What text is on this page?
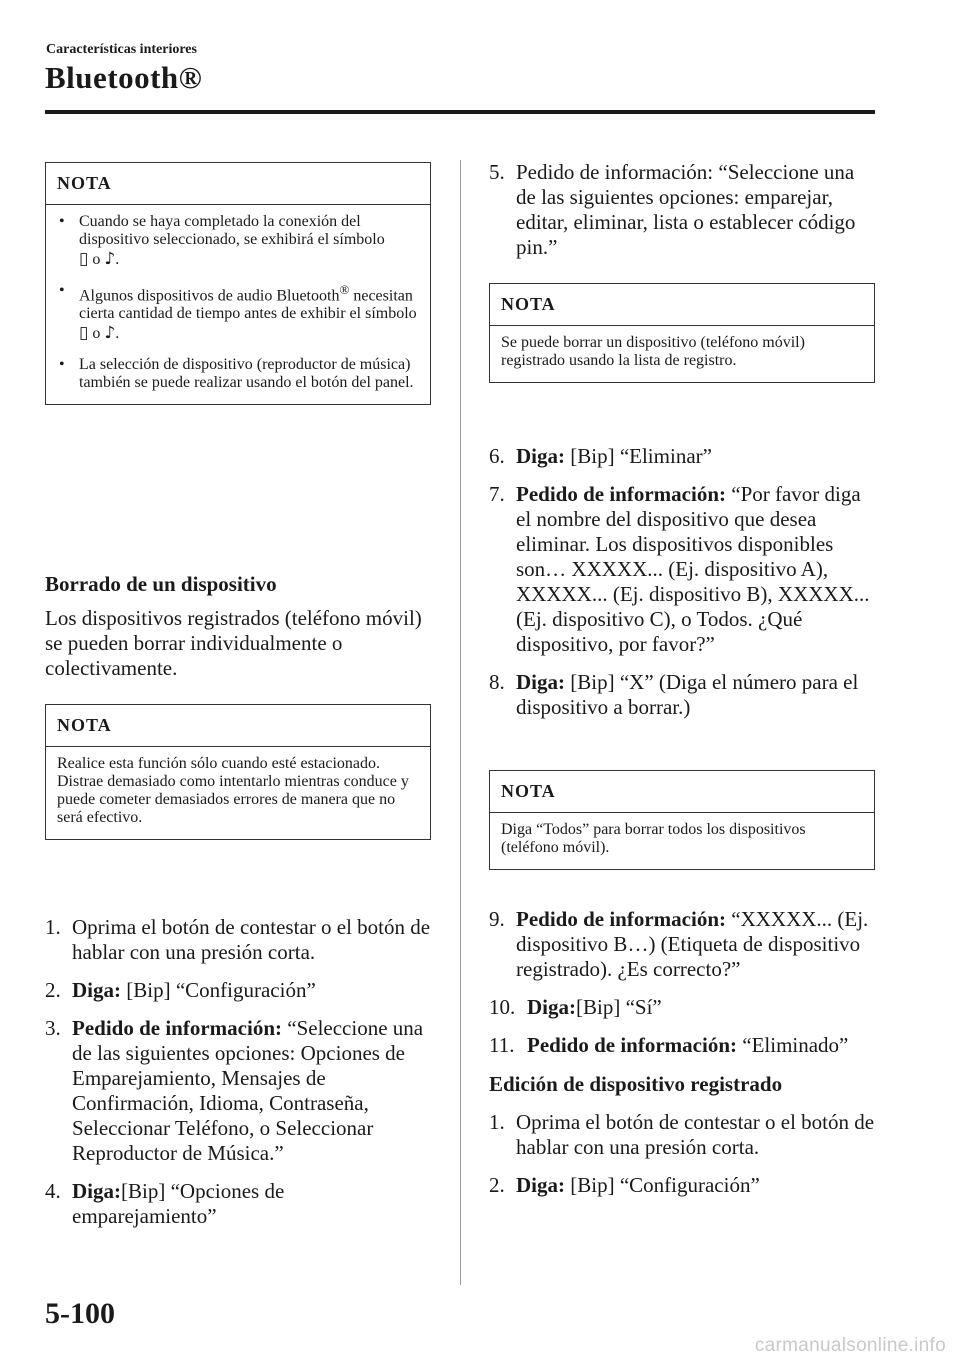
Características interiores
Bluetooth®
NOTA
• Cuando se haya completado la conexión del dispositivo seleccionado, se exhibirá el símbolo
▯ o ♪.
• Algunos dispositivos de audio Bluetooth® necesitan cierta cantidad de tiempo antes de exhibir el símbolo
▯ o ♪.
• La selección de dispositivo (reproductor de música) también se puede realizar usando el botón del panel.
Borrado de un dispositivo
Los dispositivos registrados (teléfono móvil) se pueden borrar individualmente o colectivamente.
NOTA
Realice esta función sólo cuando esté estacionado. Distrae demasiado como intentarlo mientras conduce y puede cometer demasiados errores de manera que no será efectivo.
1. Oprima el botón de contestar o el botón de hablar con una presión corta.
2. Diga: [Bip] “Configuración”
3. Pedido de información: “Seleccione una de las siguientes opciones: Opciones de Emparejamiento, Mensajes de Confirmación, Idioma, Contraseña, Seleccionar Teléfono, o Seleccionar Reproductor de Música.”
4. Diga:[Bip] “Opciones de emparejamiento”
5. Pedido de información: “Seleccione una de las siguientes opciones: emparejar, editar, eliminar, lista o establecer código pin.”
NOTA
Se puede borrar un dispositivo (teléfono móvil) registrado usando la lista de registro.
6. Diga: [Bip] “Eliminar”
7. Pedido de información: “Por favor diga el nombre del dispositivo que desea eliminar. Los dispositivos disponibles son… XXXXX... (Ej. dispositivo A), XXXXX... (Ej. dispositivo B), XXXXX... (Ej. dispositivo C), o Todos. ¿Qué dispositivo, por favor?”
8. Diga: [Bip] “X” (Diga el número para el dispositivo a borrar.)
NOTA
Diga “Todos” para borrar todos los dispositivos (teléfono móvil).
9. Pedido de información: “XXXXX... (Ej. dispositivo B…) (Etiqueta de dispositivo registrado). ¿Es correcto?”
10. Diga:[Bip] “Sí”
11. Pedido de información: “Eliminado”
Edición de dispositivo registrado
1. Oprima el botón de contestar o el botón de hablar con una presión corta.
2. Diga: [Bip] “Configuración”
5-100
carmanualsonline.info
